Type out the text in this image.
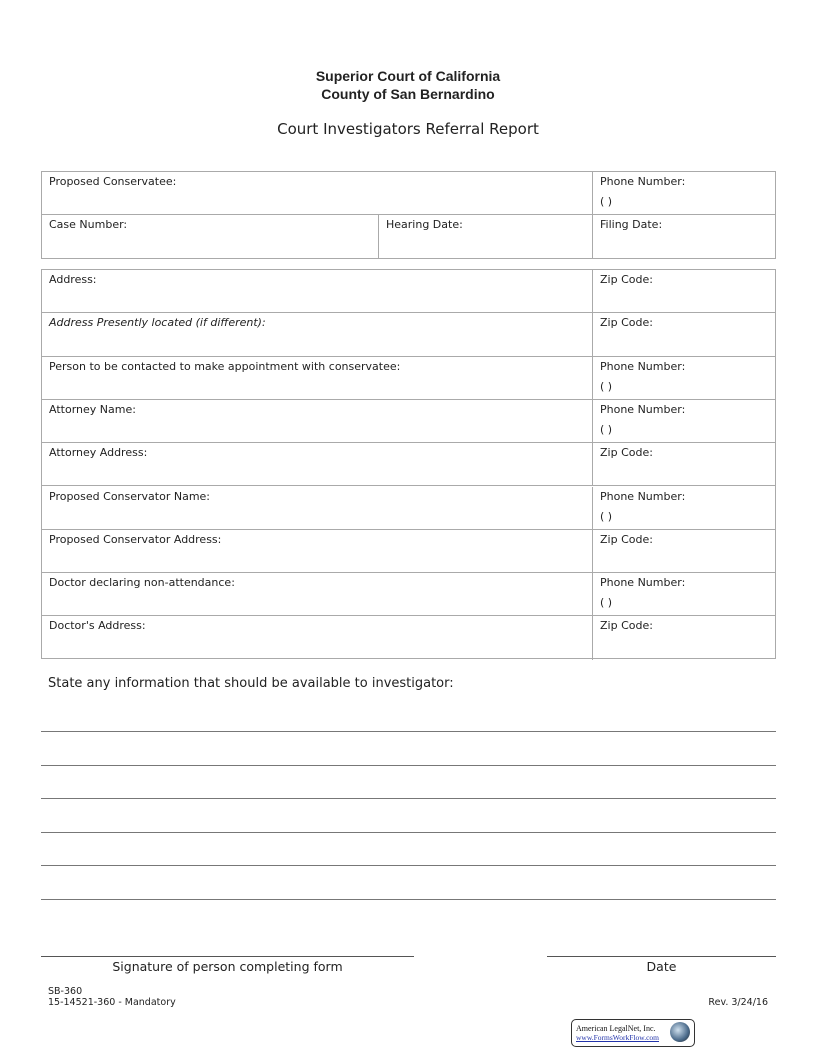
Superior Court of California
County of San Bernardino
Court Investigators Referral Report
Proposed Conservatee:	Phone Number:
( )
Case Number:	Hearing Date:	Filing Date:
Address:	Zip Code:
Address Presently located (if different):	Zip Code:
Person to be contacted to make appointment with conservatee:	Phone Number:
( )
Attorney Name:	Phone Number:
( )
Attorney Address:	Zip Code:
Proposed Conservator Name:	Phone Number:
( )
Proposed Conservator Address:	Zip Code:
Doctor declaring non-attendance:	Phone Number:
( )
Doctor's Address:	Zip Code:
State any information that should be available to investigator:
Signature of person completing form	Date
SB-360
15-14521-360 - Mandatory	Rev. 3/24/16
American LegalNet, Inc.
www.FormsWorkFlow.com
